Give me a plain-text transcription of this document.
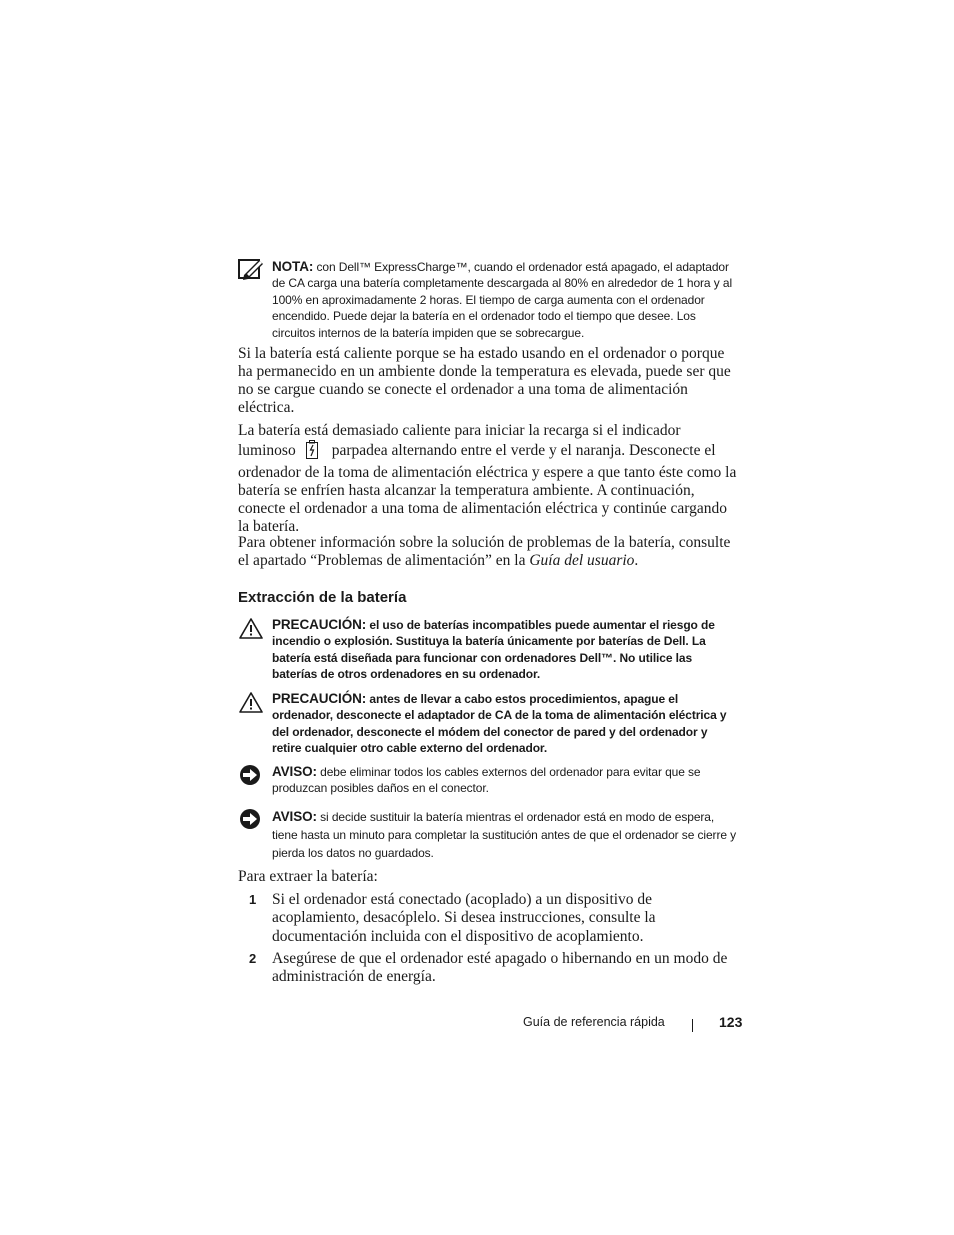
NOTA: con Dell™ ExpressCharge™, cuando el ordenador está apagado, el adaptador de CA carga una batería completamente descargada al 80% en alrededor de 1 hora y al 100% en aproximadamente 2 horas. El tiempo de carga aumenta con el ordenador encendido. Puede dejar la batería en el ordenador todo el tiempo que desee. Los circuitos internos de la batería impiden que se sobrecargue.
Si la batería está caliente porque se ha estado usando en el ordenador o porque ha permanecido en un ambiente donde la temperatura es elevada, puede ser que no se cargue cuando se conecte el ordenador a una toma de alimentación eléctrica.
La batería está demasiado caliente para iniciar la recarga si el indicador luminoso parpadea alternando entre el verde y el naranja. Desconecte el ordenador de la toma de alimentación eléctrica y espere a que tanto éste como la batería se enfríen hasta alcanzar la temperatura ambiente. A continuación, conecte el ordenador a una toma de alimentación eléctrica y continúe cargando la batería.
Para obtener información sobre la solución de problemas de la batería, consulte el apartado “Problemas de alimentación” en la Guía del usuario.
Extracción de la batería
PRECAUCIÓN: el uso de baterías incompatibles puede aumentar el riesgo de incendio o explosión. Sustituya la batería únicamente por baterías de Dell. La batería está diseñada para funcionar con ordenadores Dell™. No utilice las baterías de otros ordenadores en su ordenador.
PRECAUCIÓN: antes de llevar a cabo estos procedimientos, apague el ordenador, desconecte el adaptador de CA de la toma de alimentación eléctrica y del ordenador, desconecte el módem del conector de pared y del ordenador y retire cualquier otro cable externo del ordenador.
AVISO: debe eliminar todos los cables externos del ordenador para evitar que se produzcan posibles daños en el conector.
AVISO: si decide sustituir la batería mientras el ordenador está en modo de espera, tiene hasta un minuto para completar la sustitución antes de que el ordenador se cierre y pierda los datos no guardados.
Para extraer la batería:
1 Si el ordenador está conectado (acoplado) a un dispositivo de acoplamiento, desacóplelo. Si desea instrucciones, consulte la documentación incluida con el dispositivo de acoplamiento.
2 Asegúrese de que el ordenador esté apagado o hibernando en un modo de administración de energía.
Guía de referencia rápida	123
